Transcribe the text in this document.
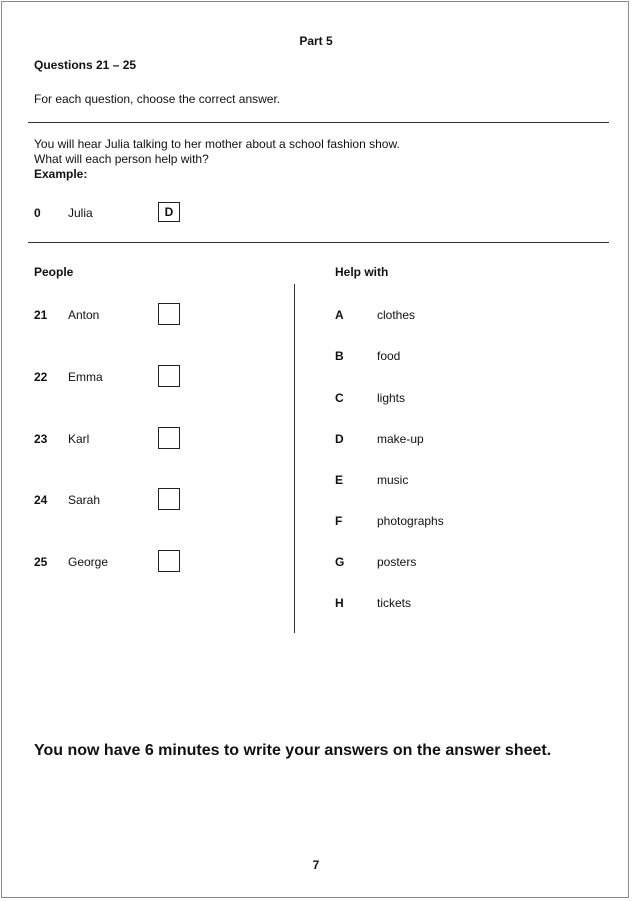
Part 5
Questions 21 – 25
For each question, choose the correct answer.
You will hear Julia talking to her mother about a school fashion show.
What will each person help with?
Example:
0 Julia	D
People	Help with
21 Anton
22 Emma
23 Karl
24 Sarah
25 George
A	clothes
B	food
C	lights
D	make-up
E	music
F	photographs
G	posters
H	tickets
You now have 6 minutes to write your answers on the answer sheet.
7
